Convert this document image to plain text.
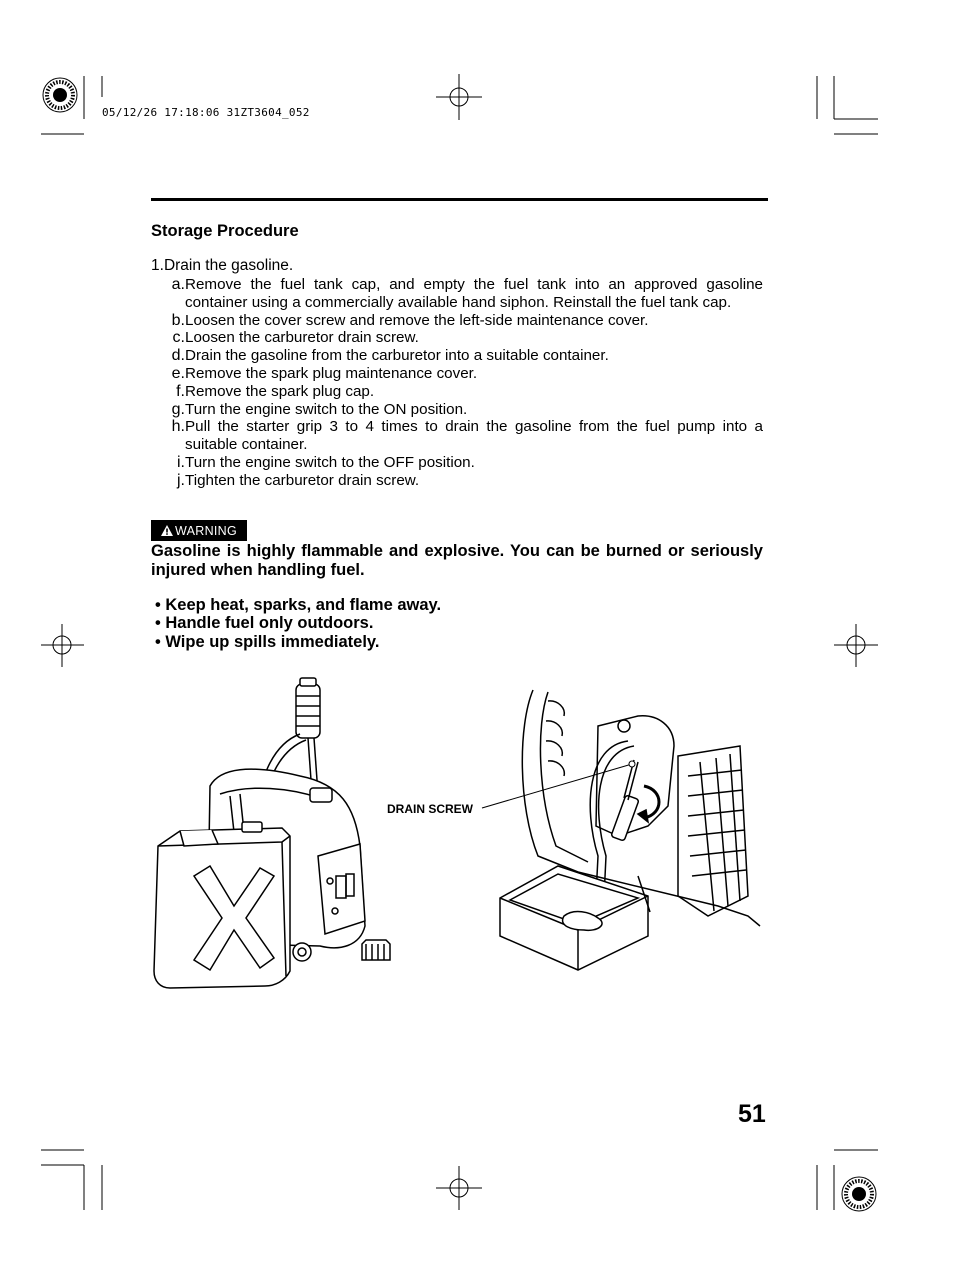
05/12/26 17:18:06 31ZT3604_052
Storage Procedure
1.Drain the gasoline.
a. Remove the fuel tank cap, and empty the fuel tank into an approved gasoline container using a commercially available hand siphon. Reinstall the fuel tank cap.
b. Loosen the cover screw and remove the left-side maintenance cover.
c. Loosen the carburetor drain screw.
d. Drain the gasoline from the carburetor into a suitable container.
e. Remove the spark plug maintenance cover.
f. Remove the spark plug cap.
g. Turn the engine switch to the ON position.
h. Pull the starter grip 3 to 4 times to drain the gasoline from the fuel pump into a suitable container.
i. Turn the engine switch to the OFF position.
j. Tighten the carburetor drain screw.
WARNING
Gasoline is highly flammable and explosive. You can be burned or seriously injured when handling fuel.
• Keep heat, sparks, and flame away.
• Handle fuel only outdoors.
• Wipe up spills immediately.
DRAIN SCREW
51
